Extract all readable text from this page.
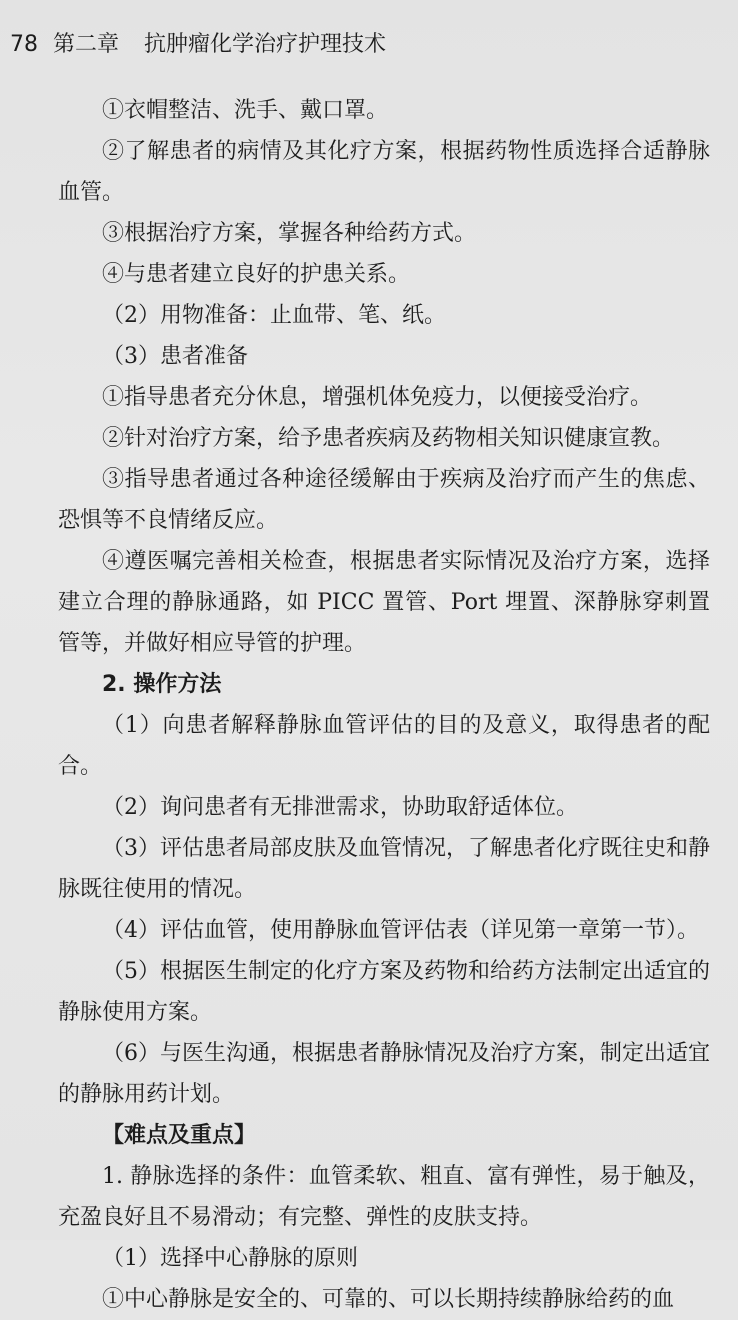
78 第二章 抗肿瘤化学治疗护理技术

①衣帽整洁、洗手、戴口罩。

②了解患者的病情及其化疗方案，根据药物性质选择合适静脉血管。

③根据治疗方案，掌握各种给药方式。

④与患者建立良好的护患关系。

（2）用物准备：止血带、笔、纸。

（3）患者准备

①指导患者充分休息，增强机体免疫力，以便接受治疗。

②针对治疗方案，给予患者疾病及药物相关知识健康宣教。

③指导患者通过各种途径缓解由于疾病及治疗而产生的焦虑、恐惧等不良情绪反应。

④遵医嘱完善相关检查，根据患者实际情况及治疗方案，选择建立合理的静脉通路，如 PICC 置管、Port 埋置、深静脉穿刺置管等，并做好相应导管的护理。

2. 操作方法

（1）向患者解释静脉血管评估的目的及意义，取得患者的配合。

（2）询问患者有无排泄需求，协助取舒适体位。

（3）评估患者局部皮肤及血管情况，了解患者化疗既往史和静脉既往使用的情况。

（4）评估血管，使用静脉血管评估表（详见第一章第一节）。

（5）根据医生制定的化疗方案及药物和给药方法制定出适宜的静脉使用方案。

（6）与医生沟通，根据患者静脉情况及治疗方案，制定出适宜的静脉用药计划。

【难点及重点】

1. 静脉选择的条件：血管柔软、粗直、富有弹性，易于触及，充盈良好且不易滑动；有完整、弹性的皮肤支持。

（1）选择中心静脉的原则

①中心静脉是安全的、可靠的、可以长期持续静脉给药的血
